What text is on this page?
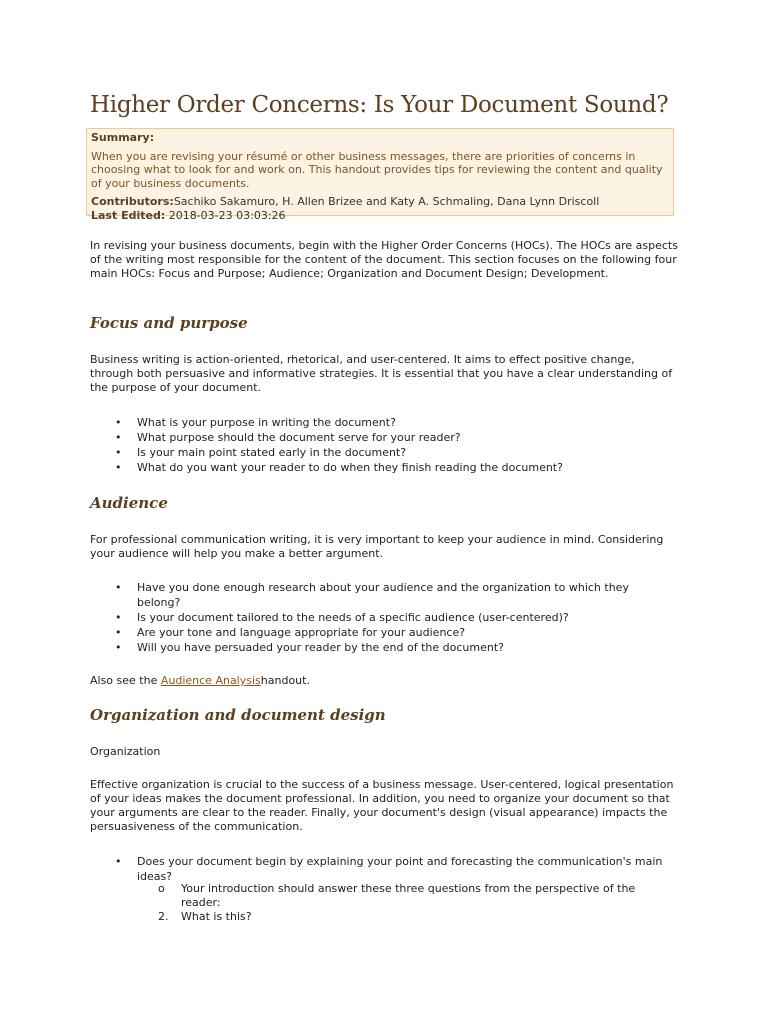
Higher Order Concerns: Is Your Document Sound?
Summary:
When you are revising your résumé or other business messages, there are priorities of concerns in choosing what to look for and work on. This handout provides tips for reviewing the content and quality of your business documents.
Contributors:Sachiko Sakamuro, H. Allen Brizee and Katy A. Schmaling, Dana Lynn Driscoll
Last Edited: 2018-03-23 03:03:26

In revising your business documents, begin with the Higher Order Concerns (HOCs). The HOCs are aspects of the writing most responsible for the content of the document. This section focuses on the following four main HOCs: Focus and Purpose; Audience; Organization and Document Design; Development.

Focus and purpose

Business writing is action-oriented, rhetorical, and user-centered. It aims to effect positive change, through both persuasive and informative strategies. It is essential that you have a clear understanding of the purpose of your document.

• What is your purpose in writing the document?
• What purpose should the document serve for your reader?
• Is your main point stated early in the document?
• What do you want your reader to do when they finish reading the document?
Audience

For professional communication writing, it is very important to keep your audience in mind. Considering your audience will help you make a better argument.

• Have you done enough research about your audience and the organization to which they belong?
• Is your document tailored to the needs of a specific audience (user-centered)?
• Are your tone and language appropriate for your audience?
• Will you have persuaded your reader by the end of the document?

Also see the Audience Analysishandout.

Organization and document design

Organization

Effective organization is crucial to the success of a business message. User-centered, logical presentation of your ideas makes the document professional. In addition, you need to organize your document so that your arguments are clear to the reader. Finally, your document's design (visual appearance) impacts the persuasiveness of the communication.

• Does your document begin by explaining your point and forecasting the communication's main ideas?
o Your introduction should answer these three questions from the perspective of the reader:
2. What is this?
